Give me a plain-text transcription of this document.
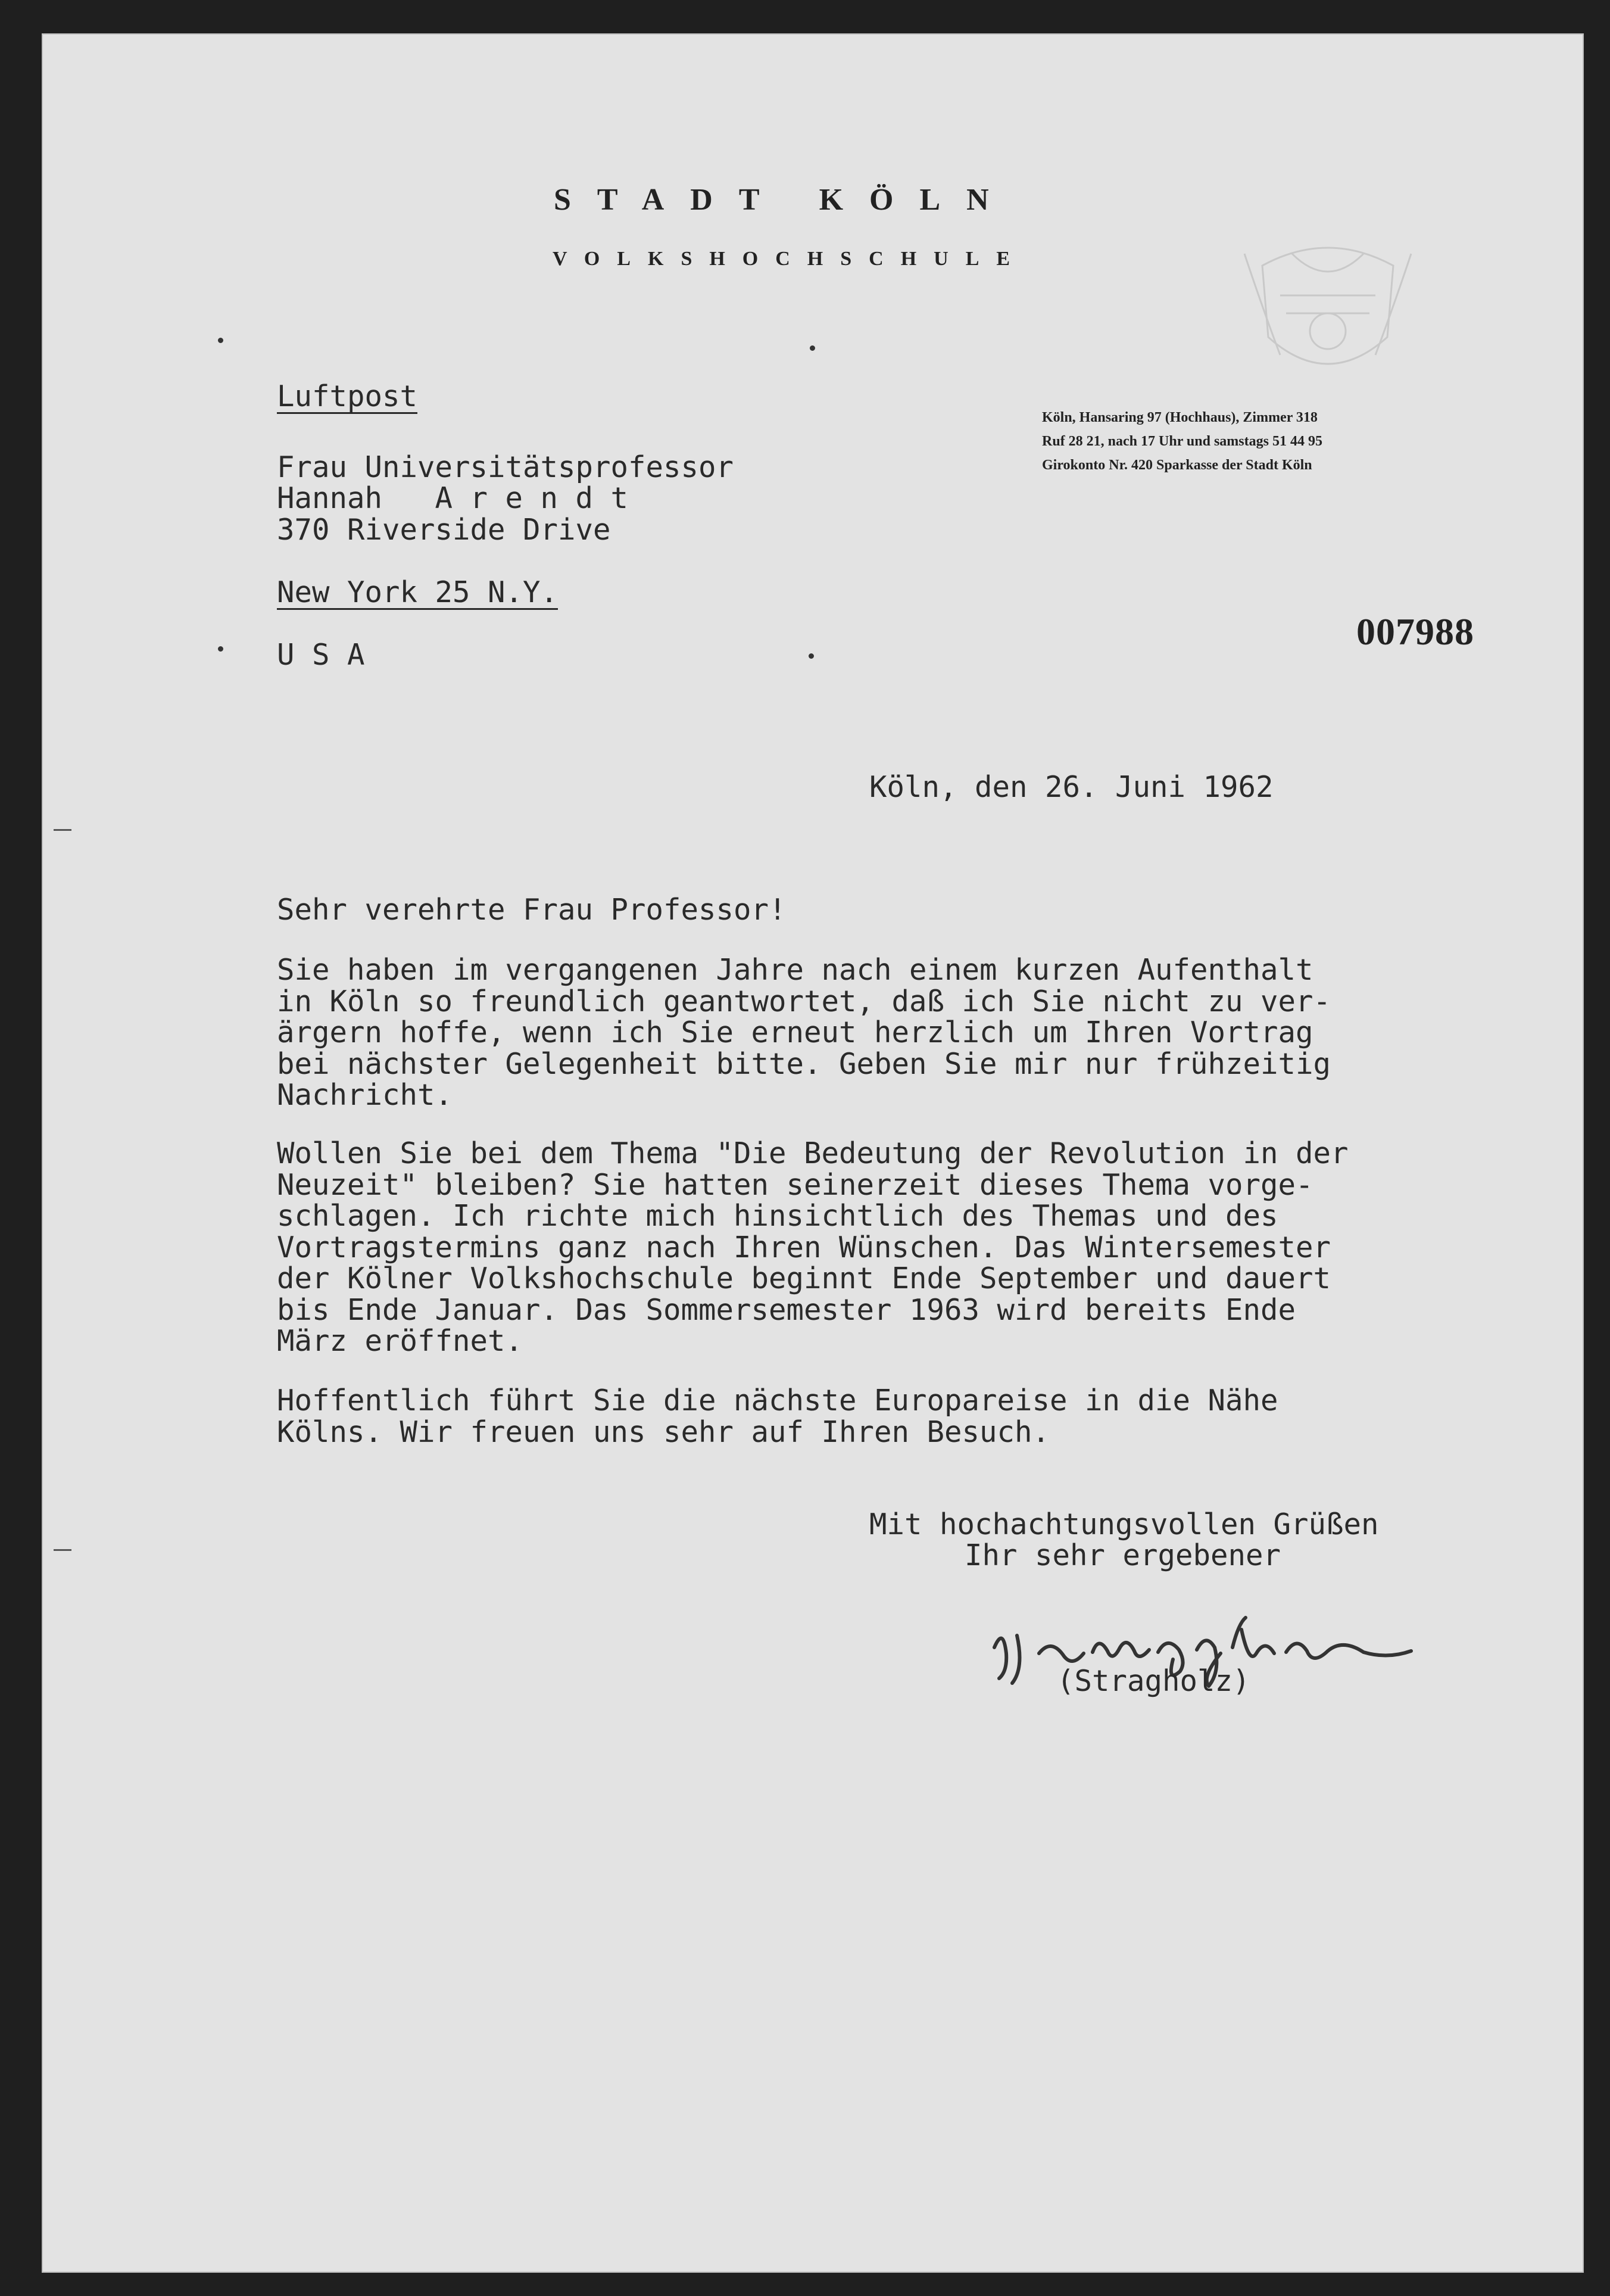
STADT KÖLN
VOLKSHOCHSCHULE
Köln, Hansaring 97 (Hochhaus), Zimmer 318
Ruf 28 21, nach 17 Uhr und samstags 51 44 95
Girokonto Nr. 420 Sparkasse der Stadt Köln
007988
Luftpost
Frau Universitätsprofessor
Hannah   A r e n d t
370 Riverside Drive
New York 25 N.Y.
U S A
Köln, den 26. Juni 1962
Sehr verehrte Frau Professor!
Sie haben im vergangenen Jahre nach einem kurzen Aufenthalt
in Köln so freundlich geantwortet, daß ich Sie nicht zu ver-
ärgern hoffe, wenn ich Sie erneut herzlich um Ihren Vortrag
bei nächster Gelegenheit bitte. Geben Sie mir nur frühzeitig
Nachricht.
Wollen Sie bei dem Thema "Die Bedeutung der Revolution in der
Neuzeit" bleiben? Sie hatten seinerzeit dieses Thema vorge-
schlagen. Ich richte mich hinsichtlich des Themas und des
Vortragstermins ganz nach Ihren Wünschen. Das Wintersemester
der Kölner Volkshochschule beginnt Ende September und dauert
bis Ende Januar. Das Sommersemester 1963 wird bereits Ende
März eröffnet.
Hoffentlich führt Sie die nächste Europareise in die Nähe
Kölns. Wir freuen uns sehr auf Ihren Besuch.
Mit hochachtungsvollen Grüßen
Ihr sehr ergebener
(Stragholz)
